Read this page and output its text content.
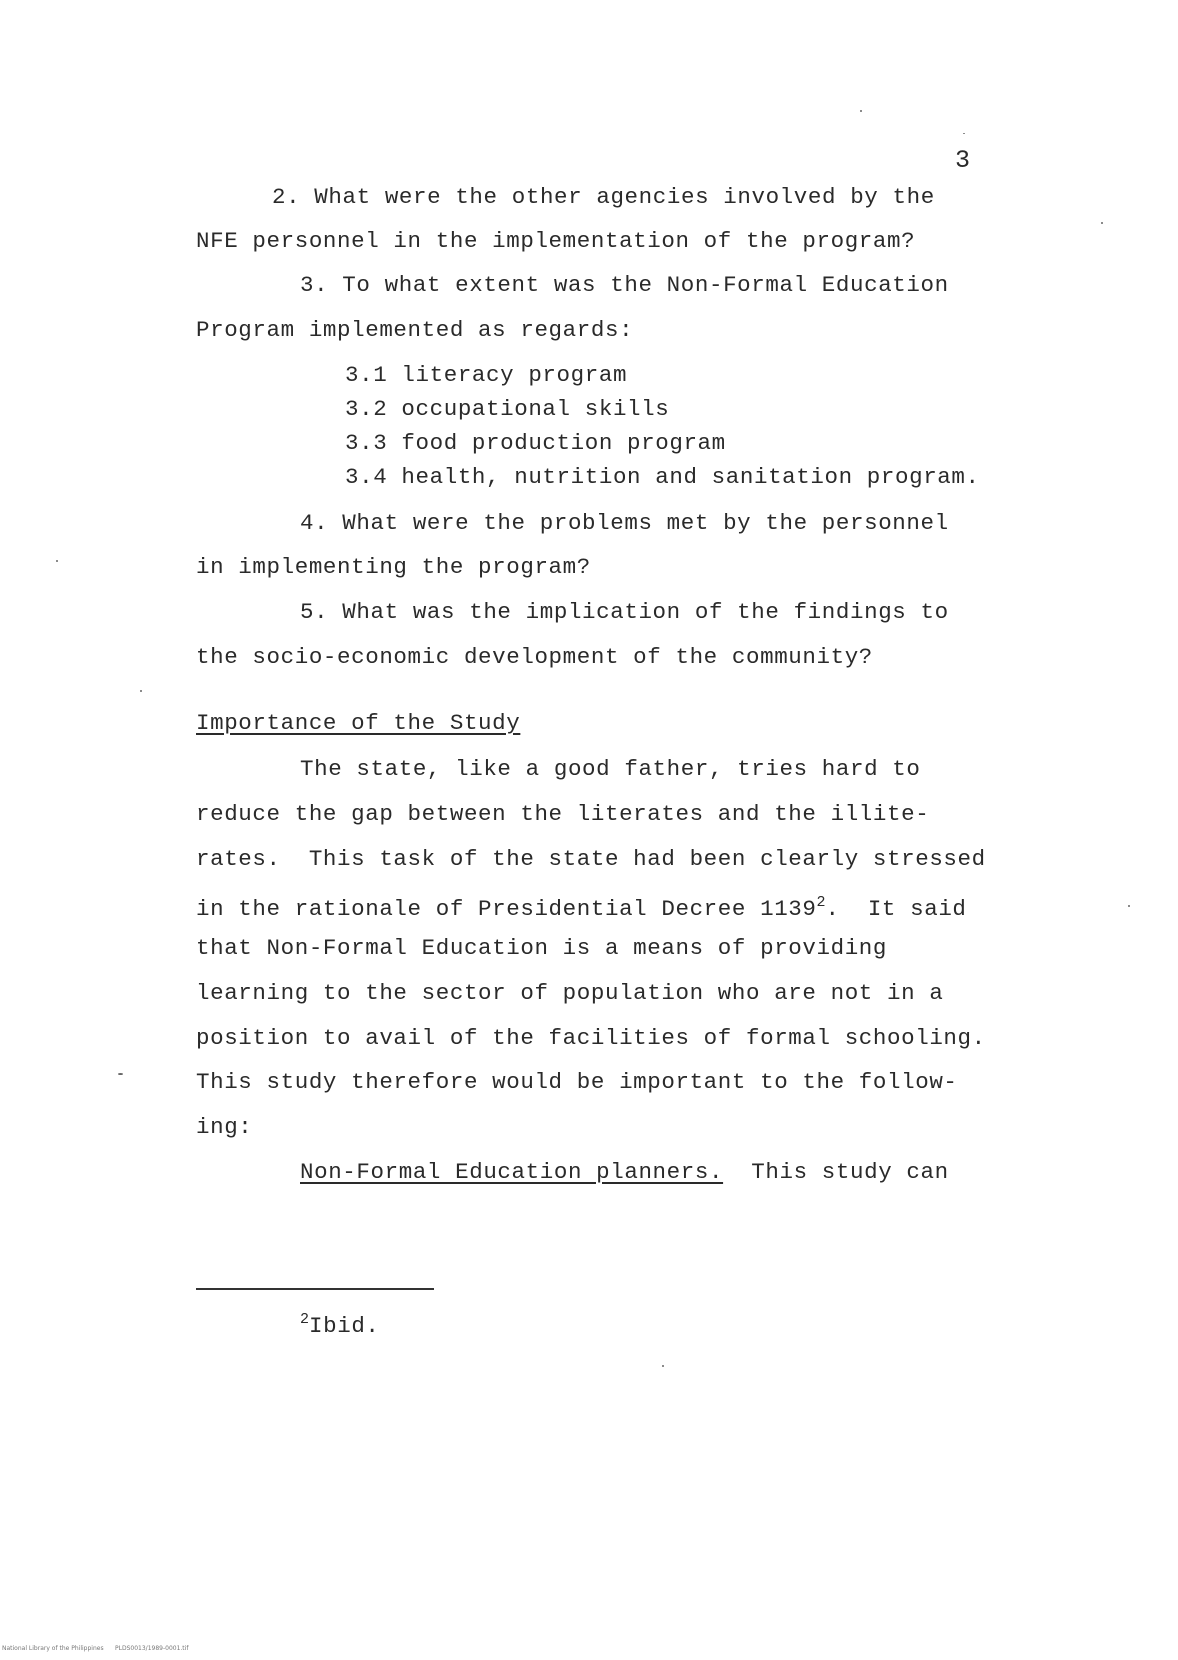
3
2. What were the other agencies involved by the
NFE personnel in the implementation of the program?
3. To what extent was the Non-Formal Education
Program implemented as regards:
3.1 literacy program
3.2 occupational skills
3.3 food production program
3.4 health, nutrition and sanitation program.
4. What were the problems met by the personnel
in implementing the program?
5. What was the implication of the findings to
the socio-economic development of the community?
Importance of the Study
The state, like a good father, tries hard to
reduce the gap between the literates and the illite-
rates.  This task of the state had been clearly stressed
in the rationale of Presidential Decree 1139$^2$.  It said
that Non-Formal Education is a means of providing
learning to the sector of population who are not in a
position to avail of the facilities of formal schooling.
This study therefore would be important to the follow-
ing:
Non-Formal Education planners.  This study can
$^2$Ibid.
National Library of the Philippines      PLDS0013/1989-0001.tif
